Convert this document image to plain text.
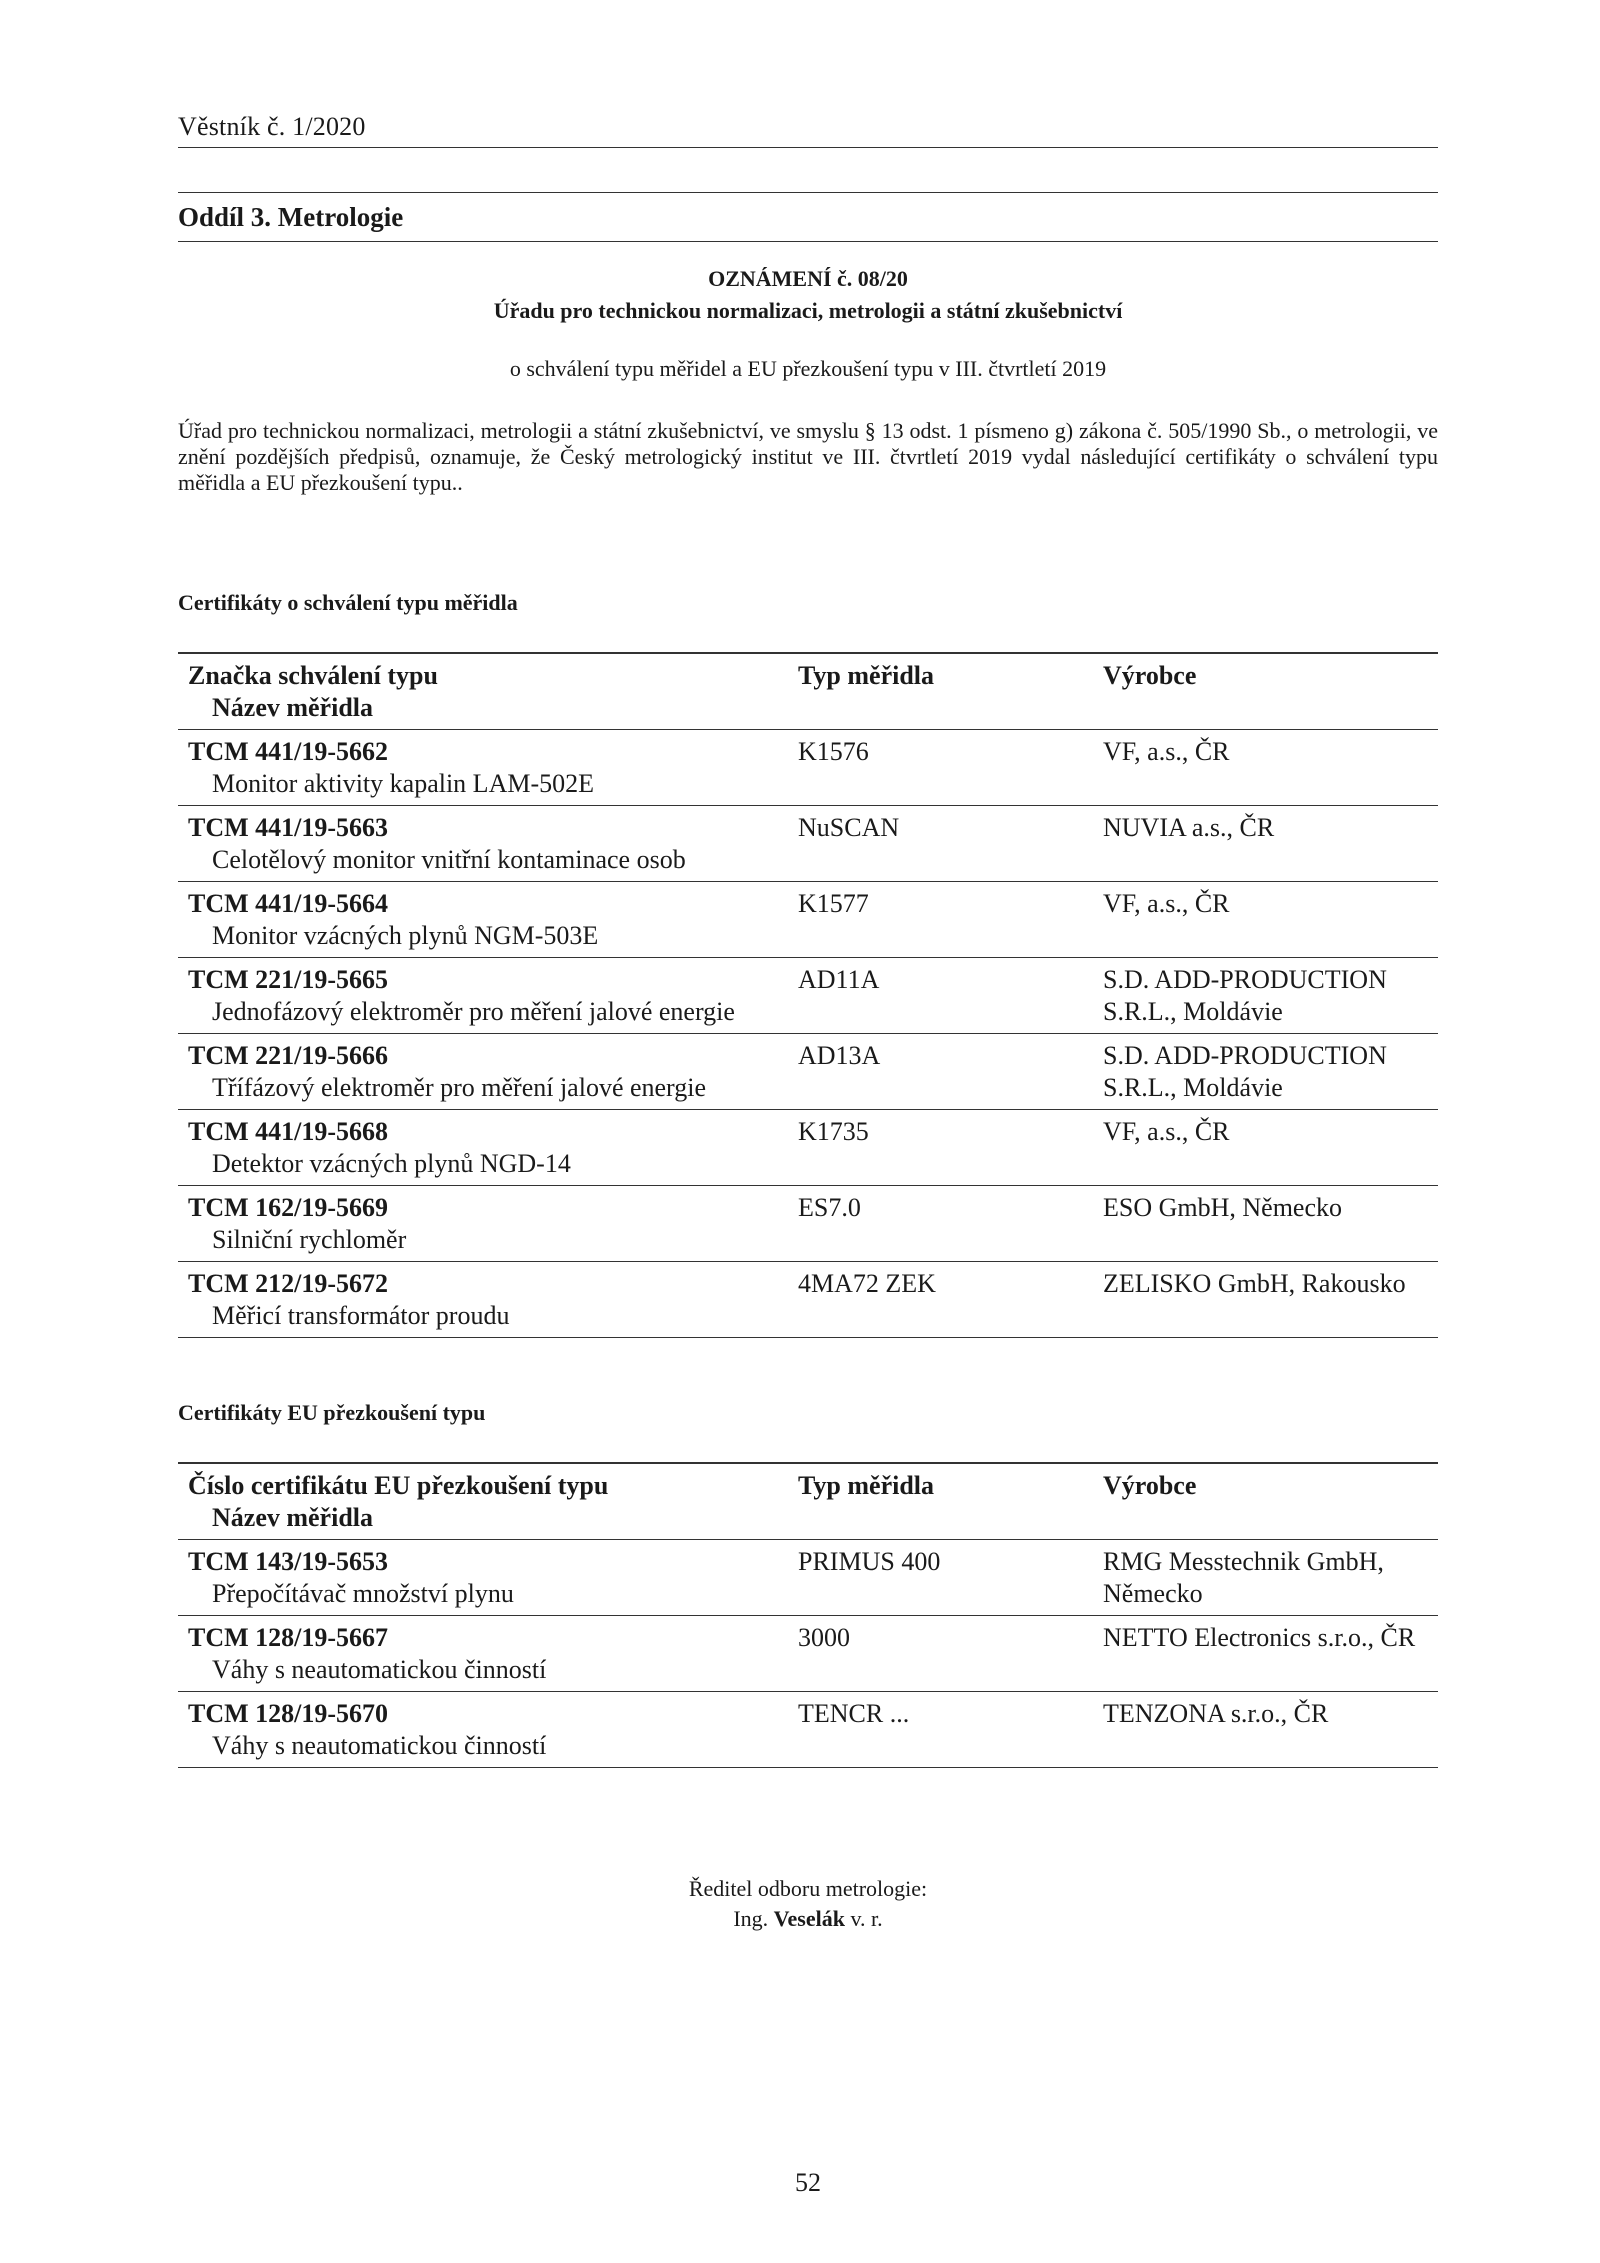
Věstník č. 1/2020
Oddíl 3. Metrologie
OZNÁMENÍ č. 08/20
Úřadu pro technickou normalizaci, metrologii a státní zkušebnictví
o schválení typu měřidel a EU přezkoušení typu v III. čtvrtletí 2019

Úřad pro technickou normalizaci, metrologii a státní zkušebnictví, ve smyslu § 13 odst. 1 písmeno g) zákona č. 505/1990 Sb., o metrologii, ve znění pozdějších předpisů, oznamuje, že Český metrologický institut ve III. čtvrtletí 2019 vydal následující certifikáty o schválení typu měřidla a EU přezkoušení typu..

Certifikáty o schválení typu měřidla
Značka schválení typu
Název měřidla	Typ měřidla	Výrobce

TCM 441/19-5662
Monitor aktivity kapalin LAM-502E	K1576	VF, a.s., ČR

TCM 441/19-5663
Celotělový monitor vnitřní kontaminace osob	NuSCAN	NUVIA a.s., ČR

TCM 441/19-5664
Monitor vzácných plynů NGM-503E	K1577	VF, a.s., ČR

TCM 221/19-5665
Jednofázový elektroměr pro měření jalové energie	AD11A	S.D. ADD-PRODUCTION
S.R.L., Moldávie

TCM 221/19-5666
Třífázový elektroměr pro měření jalové energie	AD13A	S.D. ADD-PRODUCTION
S.R.L., Moldávie

TCM 441/19-5668
Detektor vzácných plynů NGD-14	K1735	VF, a.s., ČR

TCM 162/19-5669
Silniční rychloměr	ES7.0	ESO GmbH, Německo

TCM 212/19-5672
Měřicí transformátor proudu	4MA72 ZEK	ZELISKO GmbH, Rakousko
Certifikáty EU přezkoušení typu
Číslo certifikátu EU přezkoušení typu
Název měřidla	Typ měřidla	Výrobce

TCM 143/19-5653
Přepočítávač množství plynu	PRIMUS 400	RMG Messtechnik GmbH,
Německo

TCM 128/19-5667
Váhy s neautomatickou činností	3000	NETTO Electronics s.r.o., ČR

TCM 128/19-5670
Váhy s neautomatickou činností	TENCR ...	TENZONA s.r.o., ČR
Ředitel odboru metrologie:
Ing. Veselák v. r.
52
